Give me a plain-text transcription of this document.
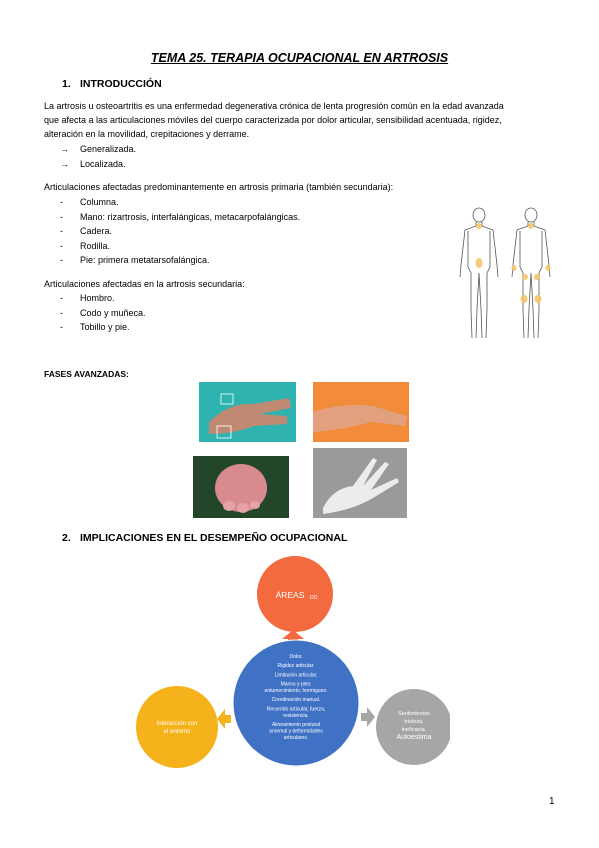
TEMA 25. TERAPIA OCUPACIONAL EN ARTROSIS
1. INTRODUCCIÓN
La artrosis u osteoartritis es una enfermedad degenerativa crónica de lenta progresión común en la edad avanzada
que afecta a las articulaciones móviles del cuerpo caracterizada por dolor articular, sensibilidad acentuada, rigidez,
alteración en la movilidad, crepitaciones y derrame.
→ Generalizada.
→ Localizada.
Articulaciones afectadas predominantemente en artrosis primaria (también secundaria):
- Columna.
- Mano: rizartrosis, interfalángicas, metacarpofalángicas.
- Cadera.
- Rodilla.
- Pie: primera metatarsofalángica.
Articulaciones afectadas en la artrosis secundaria:
- Hombro.
- Codo y muñeca.
- Tobillo y pie.
FASES AVANZADAS:
2. IMPLICACIONES EN EL DESEMPEÑO OCUPACIONAL
ÁREAS DO
Dolor.
Rigidez articular.
Limitación articular.
Manos y pies:
entumecimiento, hormigueo.
Coordinación manual.
Recorrido articular, fuerza,
resistencia.
Alineamiento postural
anormal y deformidades
articulares.
Interacción con
el entorno
Sentimientos
tristeza,
ineficacia.
Autoestima
1
